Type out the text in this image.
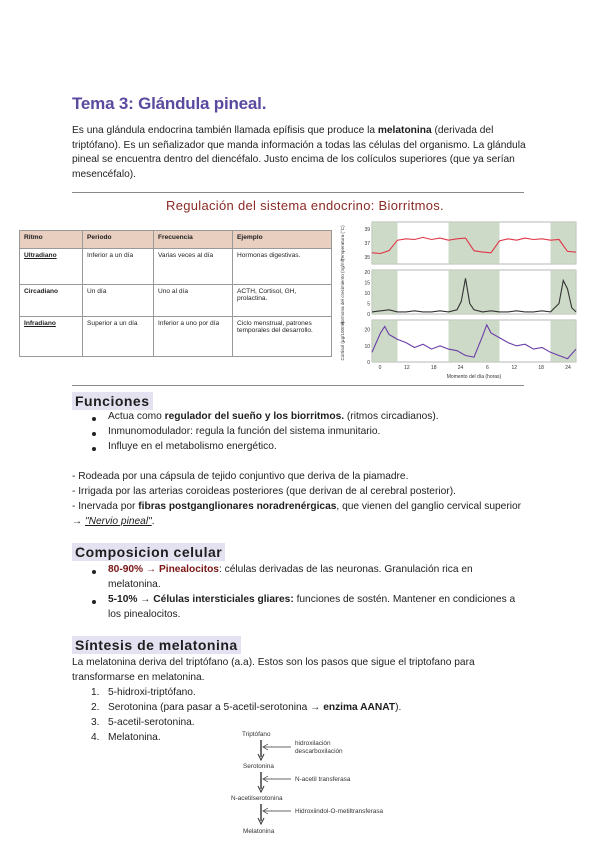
Tema 3: Glándula pineal.
Es una glándula endocrina también llamada epífisis que produce la melatonina (derivada del triptófano). Es un señalizador que manda información a todas las células del organismo. La glándula pineal se encuentra dentro del diencéfalo. Justo encima de los colículos superiores (que ya serían mesencéfalo).
Regulación del sistema endocrino: Biorritmos.
Ritmo	Periodo	Frecuencia	Ejemplo
Ultradiano	Inferior a un día	Varias veces al día	Hormonas digestivas.
Circadiano	Un día	Uno al día	ACTH, Cortisol, GH, prolactina.
Infradiano	Superior a un día	Inferior a uno por día	Ciclo menstrual, patrones temporales del desarrollo.
35
37
39
Temperatura (°C)
0
5
10
15
20
Hormona del crecimiento (ng/ml)
0
10
20
Cortisol (µg/100ml)
0	12	18	24	6	12	18	24
Momento del día (horas)
Funciones
Actua como regulador del sueño y los biorritmos. (ritmos circadianos).
Inmunomodulador: regula la función del sistema inmunitario.
Influye en el metabolismo energético.
- Rodeada por una cápsula de tejido conjuntivo que deriva de la piamadre.
- Irrigada por las arterias coroideas posteriores (que derivan de al cerebral posterior).
- Inervada por fibras postganglionares noradrenérgicas, que vienen del ganglio cervical superior → "Nervio pineal".
Composicion celular
80-90% → Pinealocitos: células derivadas de las neuronas. Granulación rica en melatonina.
5-10% → Células intersticiales gliares: funciones de sostén. Mantener en condiciones a los pinealocitos.
Síntesis de melatonina
La melatonina deriva del triptófano (a.a). Estos son los pasos que sigue el triptofano para transformarse en melatonina.
1. 5-hidroxi-triptófano.
2. Serotonina (para pasar a 5-acetil-serotonina → enzima AANAT).
3. 5-acetil-serotonina.
4. Melatonina.	Triptófano
hidroxilación descarboxilación
Serotonina
N-acetil transferasa
N-acetilserotonina
Hidroxiindol-O-metiltransferasa
Melatonina
